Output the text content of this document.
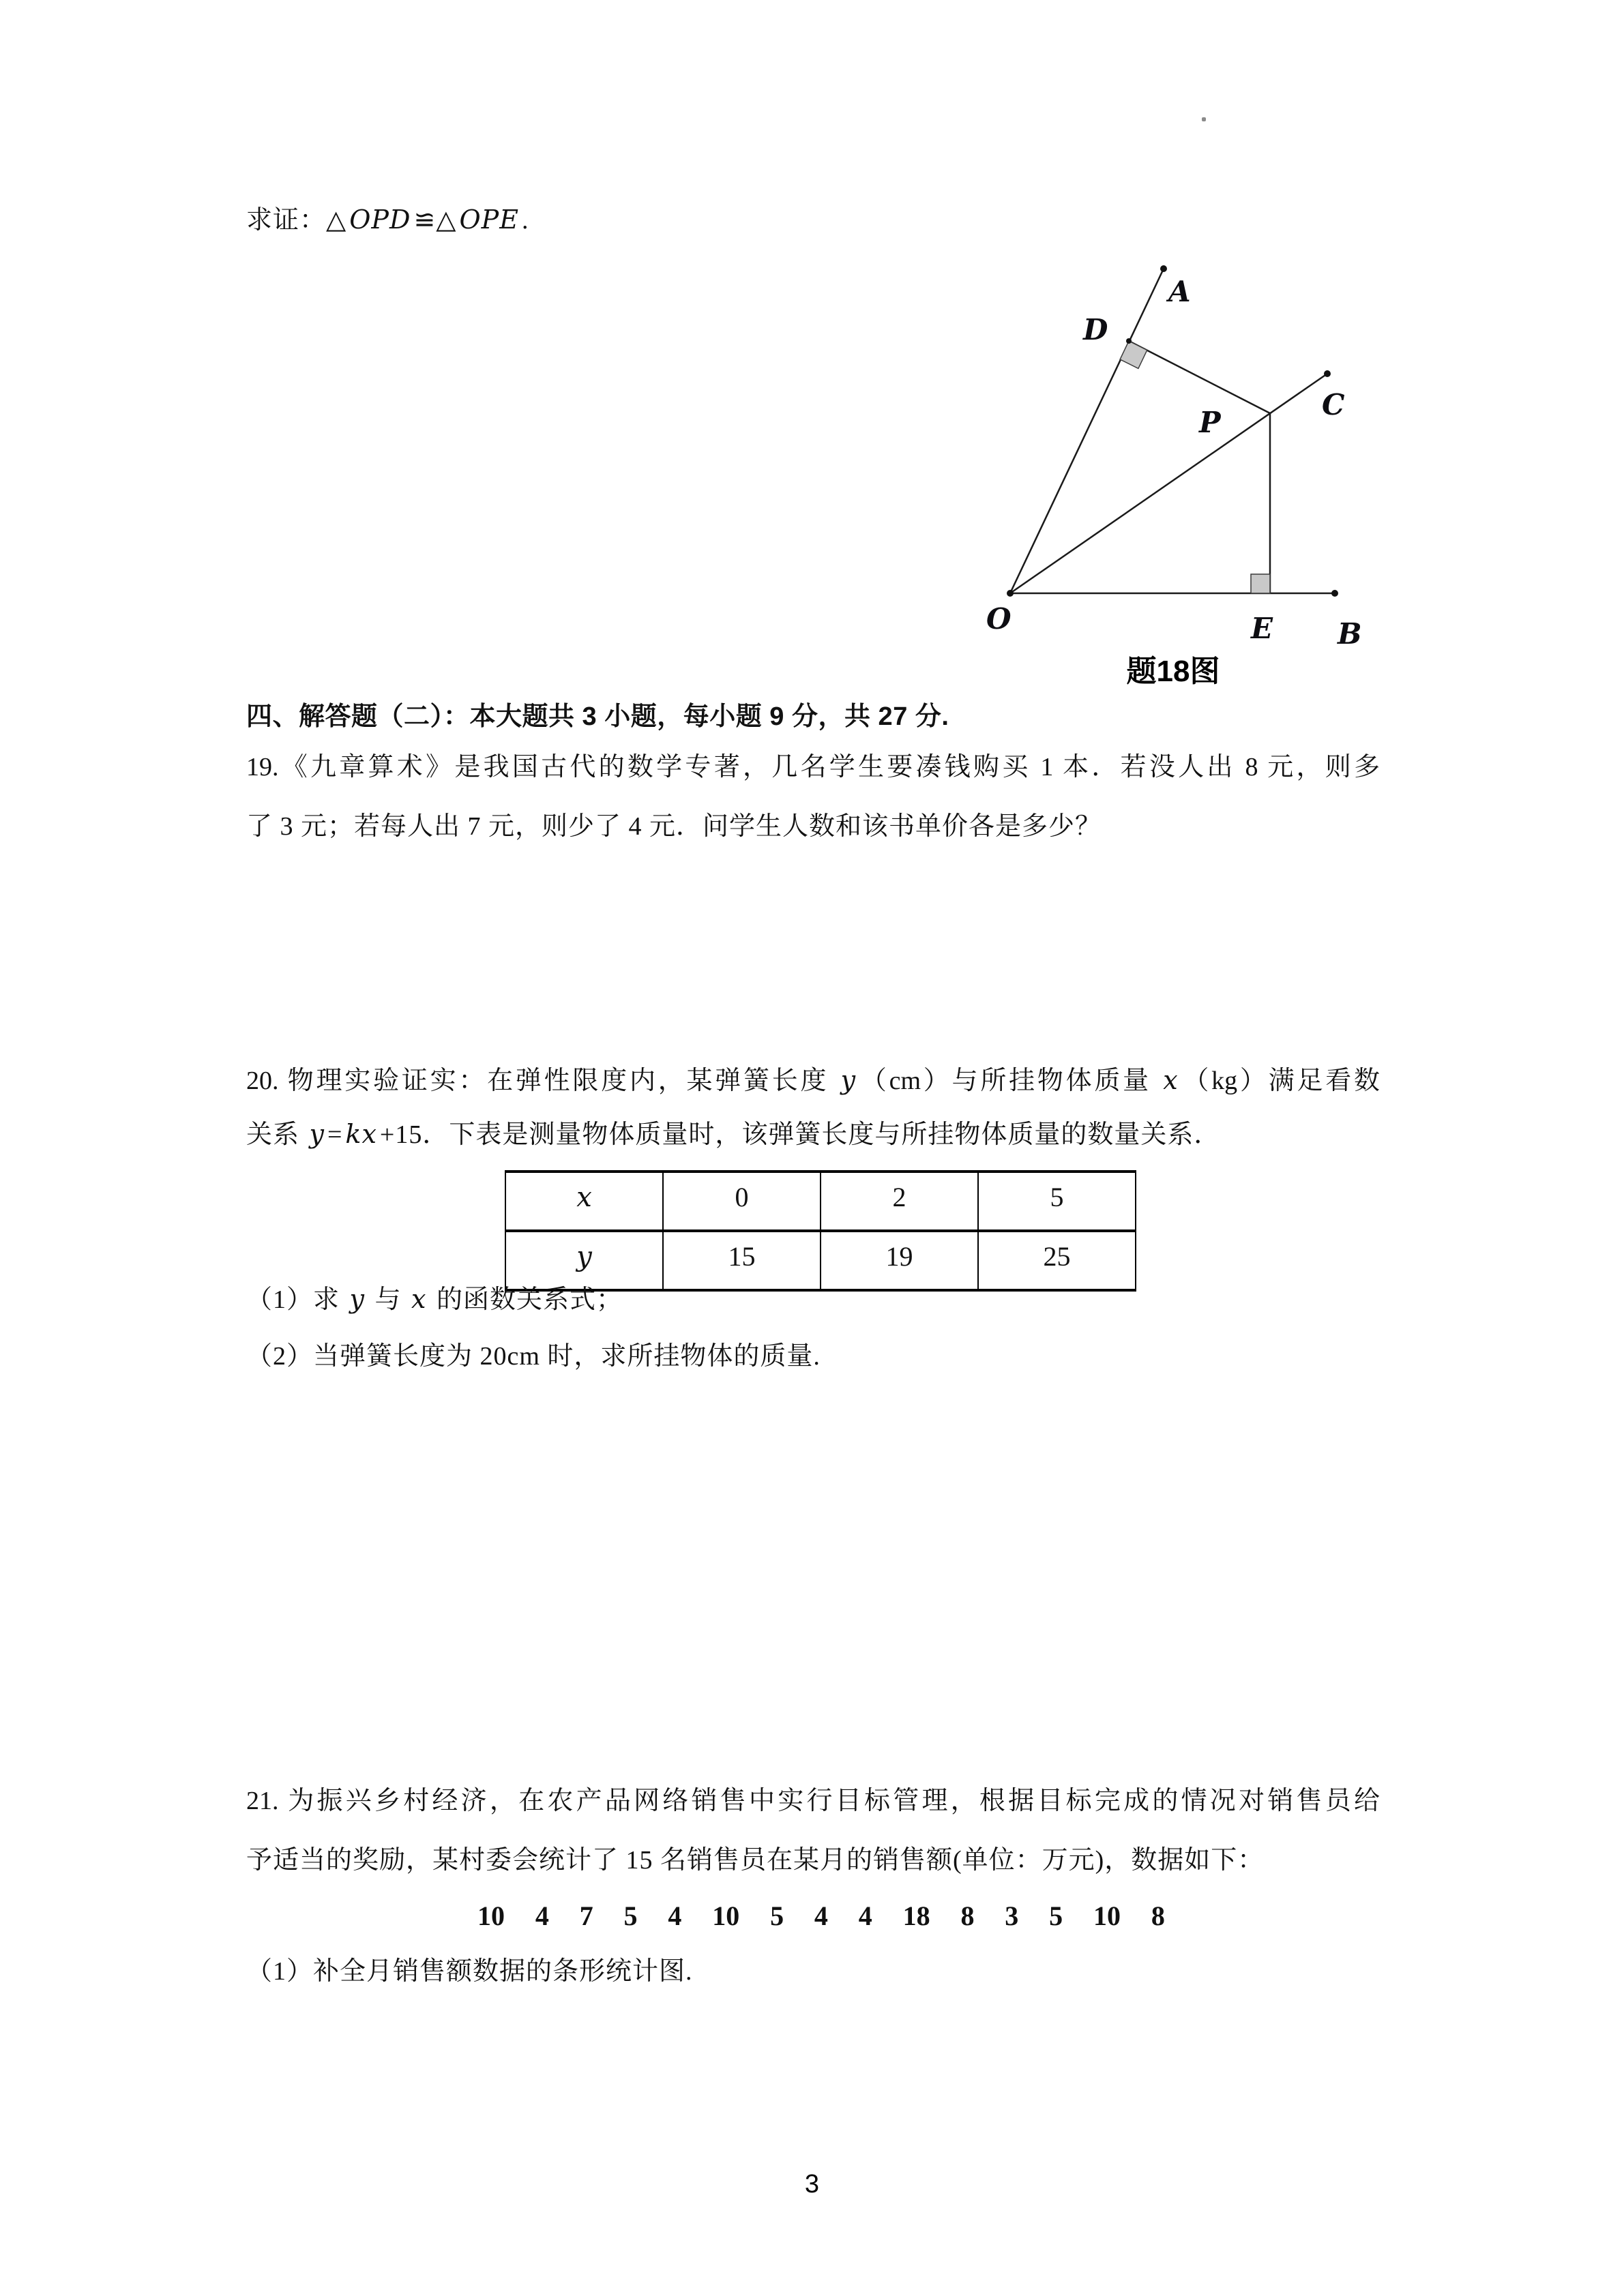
求证：△ OPD ≌△ OPE .
A
D
P
C
O	E B
题18图
四、解答题（二）：本大题共 3 小题，每小题 9 分，共 27 分.
19.《九章算术》是我国古代的数学专著，几名学生要凑钱购买 1 本．若没人出 8 元，则多
了 3 元；若每人出 7 元，则少了 4 元．问学生人数和该书单价各是多少？
20. 物理实验证实：在弹性限度内，某弹簧长度 y （cm）与所挂物体质量 x （kg）满足看数
关系 y = kx +15．下表是测量物体质量时，该弹簧长度与所挂物体质量的数量关系．
x	0	2	5
y	15	19	25
（1）求 y 与 x 的函数关系式；
（2）当弹簧长度为 20cm 时，求所挂物体的质量.
21. 为振兴乡村经济，在农产品网络销售中实行目标管理，根据目标完成的情况对销售员给
予适当的奖励，某村委会统计了 15 名销售员在某月的销售额(单位：万元)，数据如下：
10 4 7 5 4 10 5 4 4 18 8 3 5 10 8
（1）补全月销售额数据的条形统计图.
3
